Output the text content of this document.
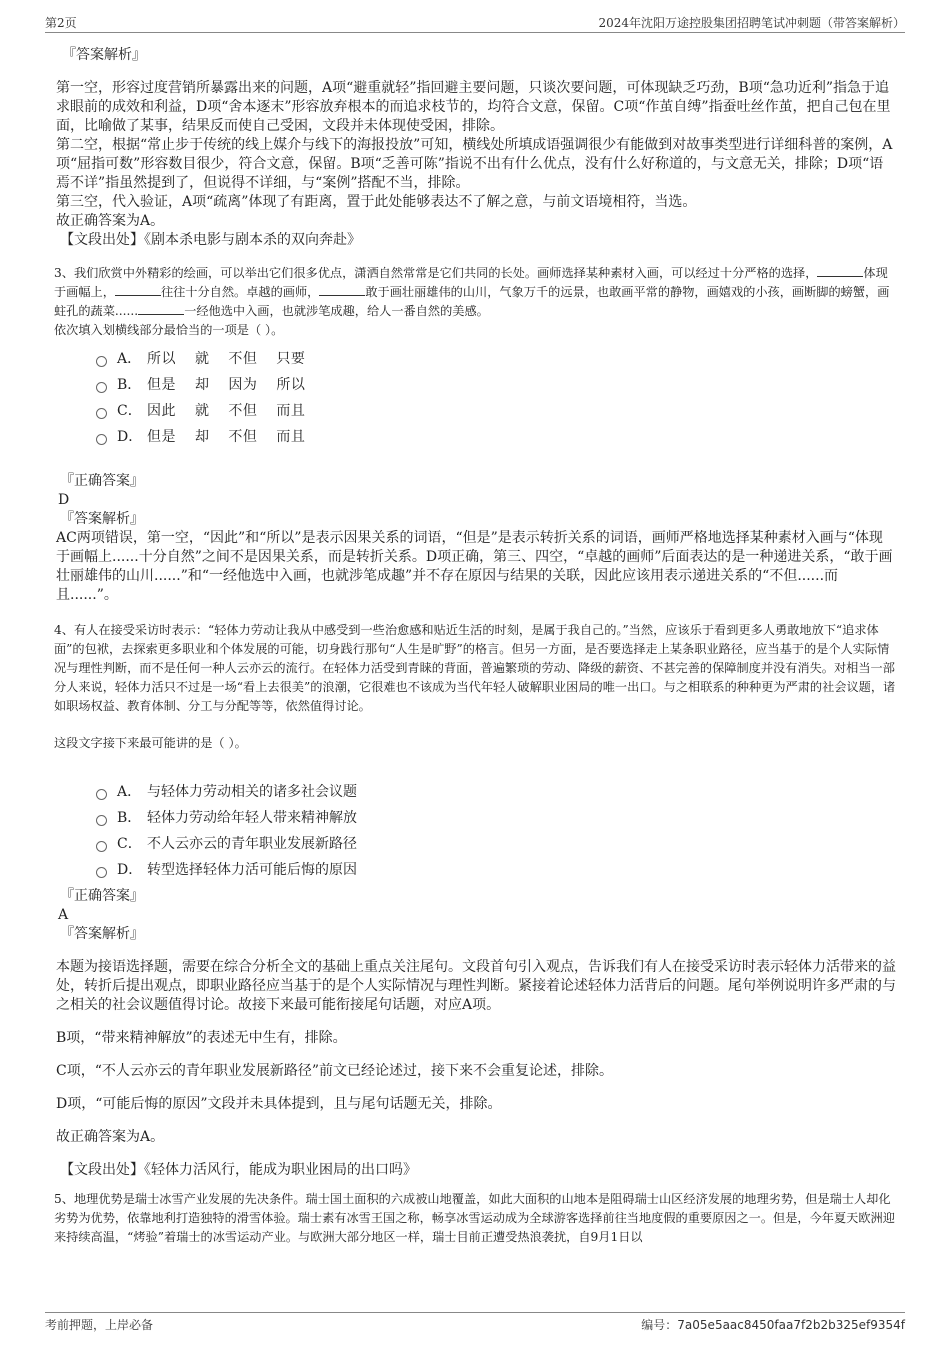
第2页	2024年沈阳万途控股集团招聘笔试冲刺题（带答案解析）
『答案解析』

第一空，形容过度营销所暴露出来的问题，A项“避重就轻”指回避主要问题，只谈次要问题，可体现缺乏巧劲，B项“急功近利”指急于追求眼前的成效和利益，D项“舍本逐末”形容放弃根本的而追求枝节的，均符合文意，保留。C项“作茧自缚”指蚕吐丝作茧，把自己包在里面，比喻做了某事，结果反而使自己受困，文段并未体现使受困，排除。

第二空，根据“常止步于传统的线上媒介与线下的海报投放”可知，横线处所填成语强调很少有能做到对故事类型进行详细科普的案例，A项“屈指可数”形容数目很少，符合文意，保留。B项“乏善可陈”指说不出有什么优点，没有什么好称道的，与文意无关，排除；D项“语焉不详”指虽然提到了，但说得不详细，与“案例”搭配不当，排除。

第三空，代入验证，A项“疏离”体现了有距离，置于此处能够表达不了解之意，与前文语境相符，当选。

故正确答案为A。

【文段出处】《剧本杀电影与剧本杀的双向奔赴》

3、我们欣赏中外精彩的绘画，可以举出它们很多优点，潇洒自然常常是它们共同的长处。画师选择某种素材入画，可以经过十分严格的选择，	体现于画幅上，	往往十分自然。卓越的画师，	敢于画壮丽雄伟的山川，气象万千的远景，也敢画平常的静物，画嬉戏的小孩，画断脚的螃蟹，画蛀孔的蔬菜......	一经他选中入画，也就涉笔成趣，给人一番自然的美感。

依次填入划横线部分最恰当的一项是（ ）。

A． 所以 就 不但 只要
B． 但是 却 因为 所以
C． 因此 就 不但 而且
D． 但是 却 不但 而且
『正确答案』
D
『答案解析』
AC两项错误，第一空，“因此”和“所以”是表示因果关系的词语，“但是”是表示转折关系的词语，画师严格地选择某种素材入画与“体现于画幅上......十分自然”之间不是因果关系，而是转折关系。D项正确，第三、四空，“卓越的画师”后面表达的是一种递进关系，“敢于画壮丽雄伟的山川......”和“一经他选中入画，也就涉笔成趣”并不存在原因与结果的关联，因此应该用表示递进关系的“不但......而且......”。

4、有人在接受采访时表示：“轻体力劳动让我从中感受到一些治愈感和贴近生活的时刻，是属于我自己的。”当然，应该乐于看到更多人勇敢地放下“追求体面”的包袱，去探索更多职业和个体发展的可能，切身践行那句“人生是旷野”的格言。但另一方面，是否要选择走上某条职业路径，应当基于的是个人实际情况与理性判断，而不是任何一种人云亦云的流行。在轻体力活受到青睐的背面，普遍繁琐的劳动、降级的薪资、不甚完善的保障制度并没有消失。对相当一部分人来说，轻体力活只不过是一场“看上去很美”的浪潮，它很难也不该成为当代年轻人破解职业困局的唯一出口。与之相联系的种种更为严肃的社会议题，诸如职场权益、教育体制、分工与分配等等，依然值得讨论。

这段文字接下来最可能讲的是（ ）。

A． 与轻体力劳动相关的诸多社会议题
B． 轻体力劳动给年轻人带来精神解放
C． 不人云亦云的青年职业发展新路径
D． 转型选择轻体力活可能后悔的原因
『正确答案』
A
『答案解析』

本题为接语选择题，需要在综合分析全文的基础上重点关注尾句。文段首句引入观点，告诉我们有人在接受采访时表示轻体力活带来的益处，转折后提出观点，即职业路径应当基于的是个人实际情况与理性判断。紧接着论述轻体力活背后的问题。尾句举例说明许多严肃的与之相关的社会议题值得讨论。故接下来最可能衔接尾句话题，对应A项。

B项，“带来精神解放”的表述无中生有，排除。

C项，“不人云亦云的青年职业发展新路径”前文已经论述过，接下来不会重复论述，排除。

D项，“可能后悔的原因”文段并未具体提到，且与尾句话题无关，排除。

故正确答案为A。

【文段出处】《轻体力活风行，能成为职业困局的出口吗》

5、地理优势是瑞士冰雪产业发展的先决条件。瑞士国土面积的六成被山地覆盖，如此大面积的山地本是阻碍瑞士山区经济发展的地理劣势，但是瑞士人却化劣势为优势，依靠地利打造独特的滑雪体验。瑞士素有冰雪王国之称，畅享冰雪运动成为全球游客选择前往当地度假的重要原因之一。但是，今年夏天欧洲迎来持续高温，“烤验”着瑞士的冰雪运动产业。与欧洲大部分地区一样，瑞士目前正遭受热浪袭扰，自9月1日以

考前押题，上岸必备	编号：7a05e5aac8450faa7f2b2b325ef9354f
